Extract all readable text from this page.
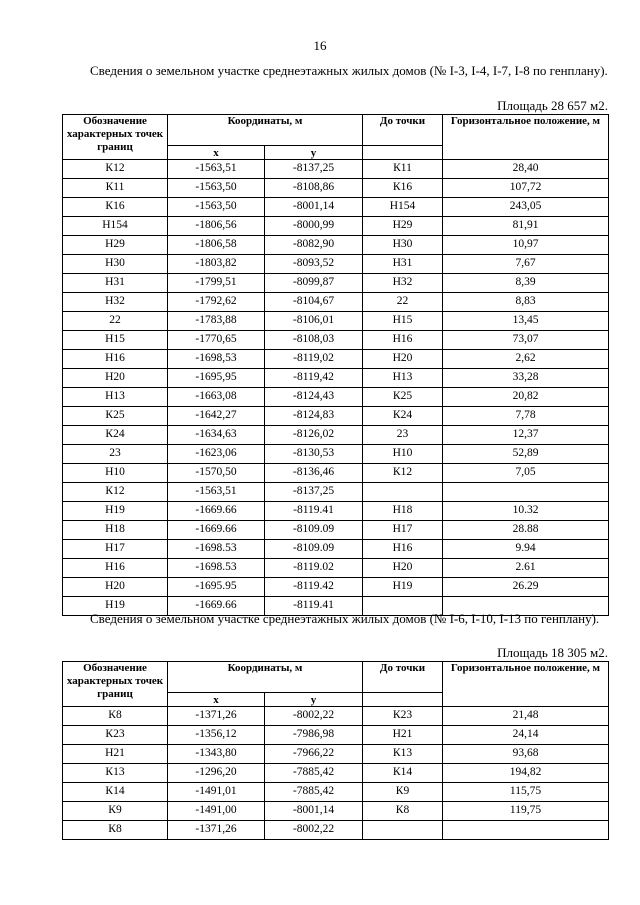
16

Сведения о земельном участке среднеэтажных жилых домов (№ I-3, I-4, I-7, I-8 по генплану).

Площадь 28 657 м2.
Обозначение характерных точек границ	Координаты, м		До точки	Горизонтальное положение, м
	x	y		
К12	-1563,51	-8137,25	К11	28,40
К11	-1563,50	-8108,86	К16	107,72
К16	-1563,50	-8001,14	Н154	243,05
Н154	-1806,56	-8000,99	Н29	81,91
Н29	-1806,58	-8082,90	Н30	10,97
Н30	-1803,82	-8093,52	Н31	7,67
Н31	-1799,51	-8099,87	Н32	8,39
Н32	-1792,62	-8104,67	22	8,83
22	-1783,88	-8106,01	Н15	13,45
Н15	-1770,65	-8108,03	Н16	73,07
Н16	-1698,53	-8119,02	Н20	2,62
Н20	-1695,95	-8119,42	Н13	33,28
Н13	-1663,08	-8124,43	К25	20,82
К25	-1642,27	-8124,83	К24	7,78
К24	-1634,63	-8126,02	23	12,37
23	-1623,06	-8130,53	Н10	52,89
Н10	-1570,50	-8136,46	К12	7,05
К12	-1563,51	-8137,25		
Н19	-1669.66	-8119.41	Н18	10.32
Н18	-1669.66	-8109.09	Н17	28.88
Н17	-1698.53	-8109.09	Н16	9.94
Н16	-1698.53	-8119.02	Н20	2.61
Н20	-1695.95	-8119.42	Н19	26.29
Н19	-1669.66	-8119.41		

Сведения о земельном участке среднеэтажных жилых домов (№ I-6, I-10, I-13 по генплану).

Площадь 18 305 м2.
Обозначение характерных точек границ	Координаты, м		До точки	Горизонтальное положение, м
	x	y		
К8	-1371,26	-8002,22	К23	21,48
К23	-1356,12	-7986,98	Н21	24,14
Н21	-1343,80	-7966,22	К13	93,68
К13	-1296,20	-7885,42	К14	194,82
К14	-1491,01	-7885,42	К9	115,75
К9	-1491,00	-8001,14	К8	119,75
К8	-1371,26	-8002,22		
